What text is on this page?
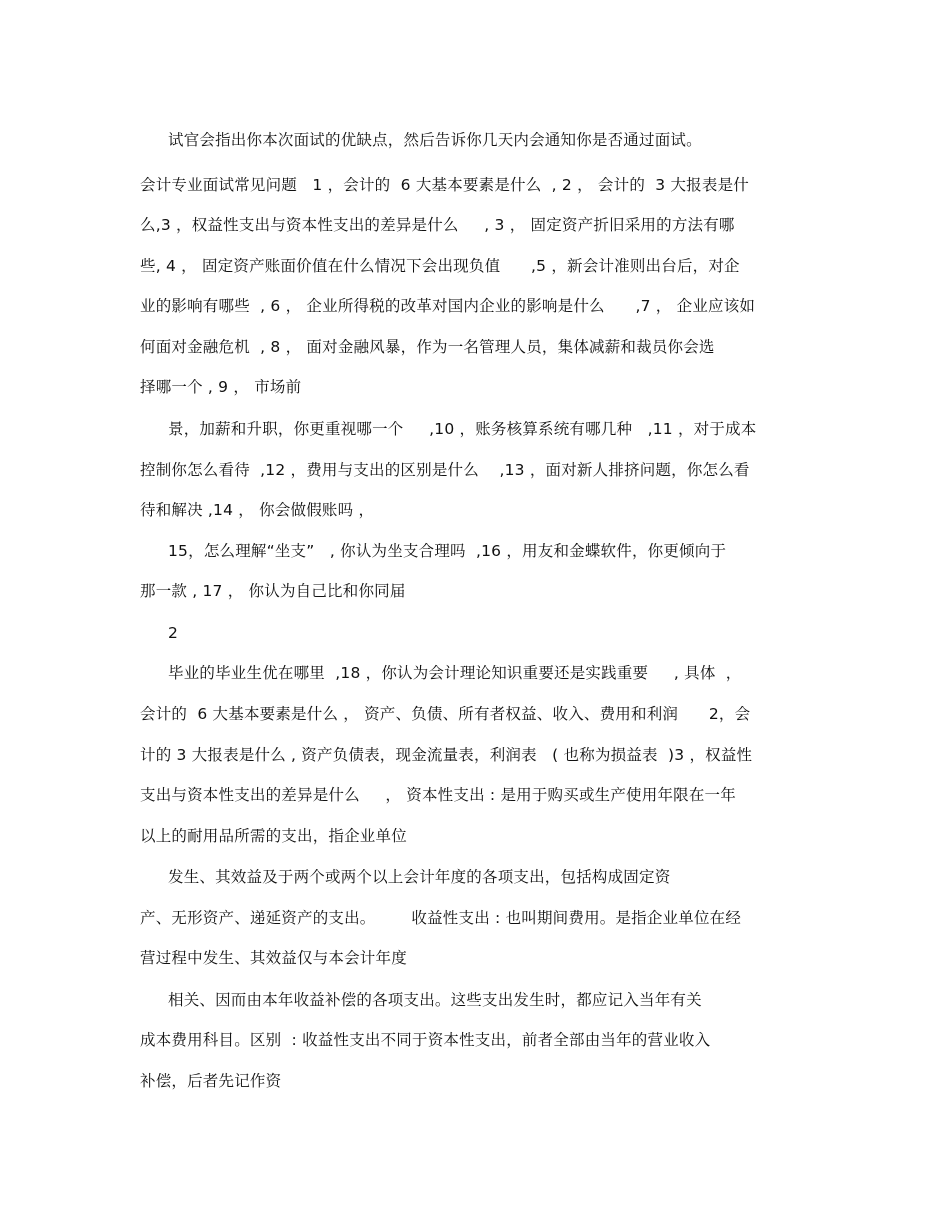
试官会指出你本次面试的优缺点，然后告诉你几天内会通知你是否通过面试。
会计专业面试常见问题   1 ，会计的  6 大基本要素是什么  , 2 ， 会计的  3 大报表是什
么,3 ，权益性支出与资本性支出的差异是什么     , 3 ， 固定资产折旧采用的方法有哪
些, 4 ， 固定资产账面价值在什么情况下会出现负值      ,5 ，新会计准则出台后，对企
业的影响有哪些  , 6 ， 企业所得税的改革对国内企业的影响是什么      ,7 ， 企业应该如
何面对金融危机  , 8 ， 面对金融风暴，作为一名管理人员，集体减薪和裁员你会选
择哪一个 , 9 ， 市场前
景，加薪和升职，你更重视哪一个     ,10 ，账务核算系统有哪几种   ,11 ，对于成本
控制你怎么看待  ,12 ，费用与支出的区别是什么    ,13 ，面对新人排挤问题，你怎么看
待和解决 ,14 ， 你会做假账吗 ，
15，怎么理解“坐支”   , 你认为坐支合理吗  ,16 ，用友和金蝶软件，你更倾向于
那一款 , 17 ， 你认为自己比和你同届
2
毕业的毕业生优在哪里  ,18 ，你认为会计理论知识重要还是实践重要     , 具体  ，
会计的  6 大基本要素是什么 ， 资产、负债、所有者权益、收入、费用和利润      2，会
计的 3 大报表是什么 , 资产负债表，现金流量表，利润表   ( 也称为损益表  )3 ，权益性
支出与资本性支出的差异是什么     ， 资本性支出 : 是用于购买或生产使用年限在一年
以上的耐用品所需的支出，指企业单位
发生、其效益及于两个或两个以上会计年度的各项支出，包括构成固定资
产、无形资产、递延资产的支出。       收益性支出 : 也叫期间费用。是指企业单位在经
营过程中发生、其效益仅与本会计年度
相关、因而由本年收益补偿的各项支出。这些支出发生时，都应记入当年有关
成本费用科目。区别  : 收益性支出不同于资本性支出，前者全部由当年的营业收入
补偿，后者先记作资
